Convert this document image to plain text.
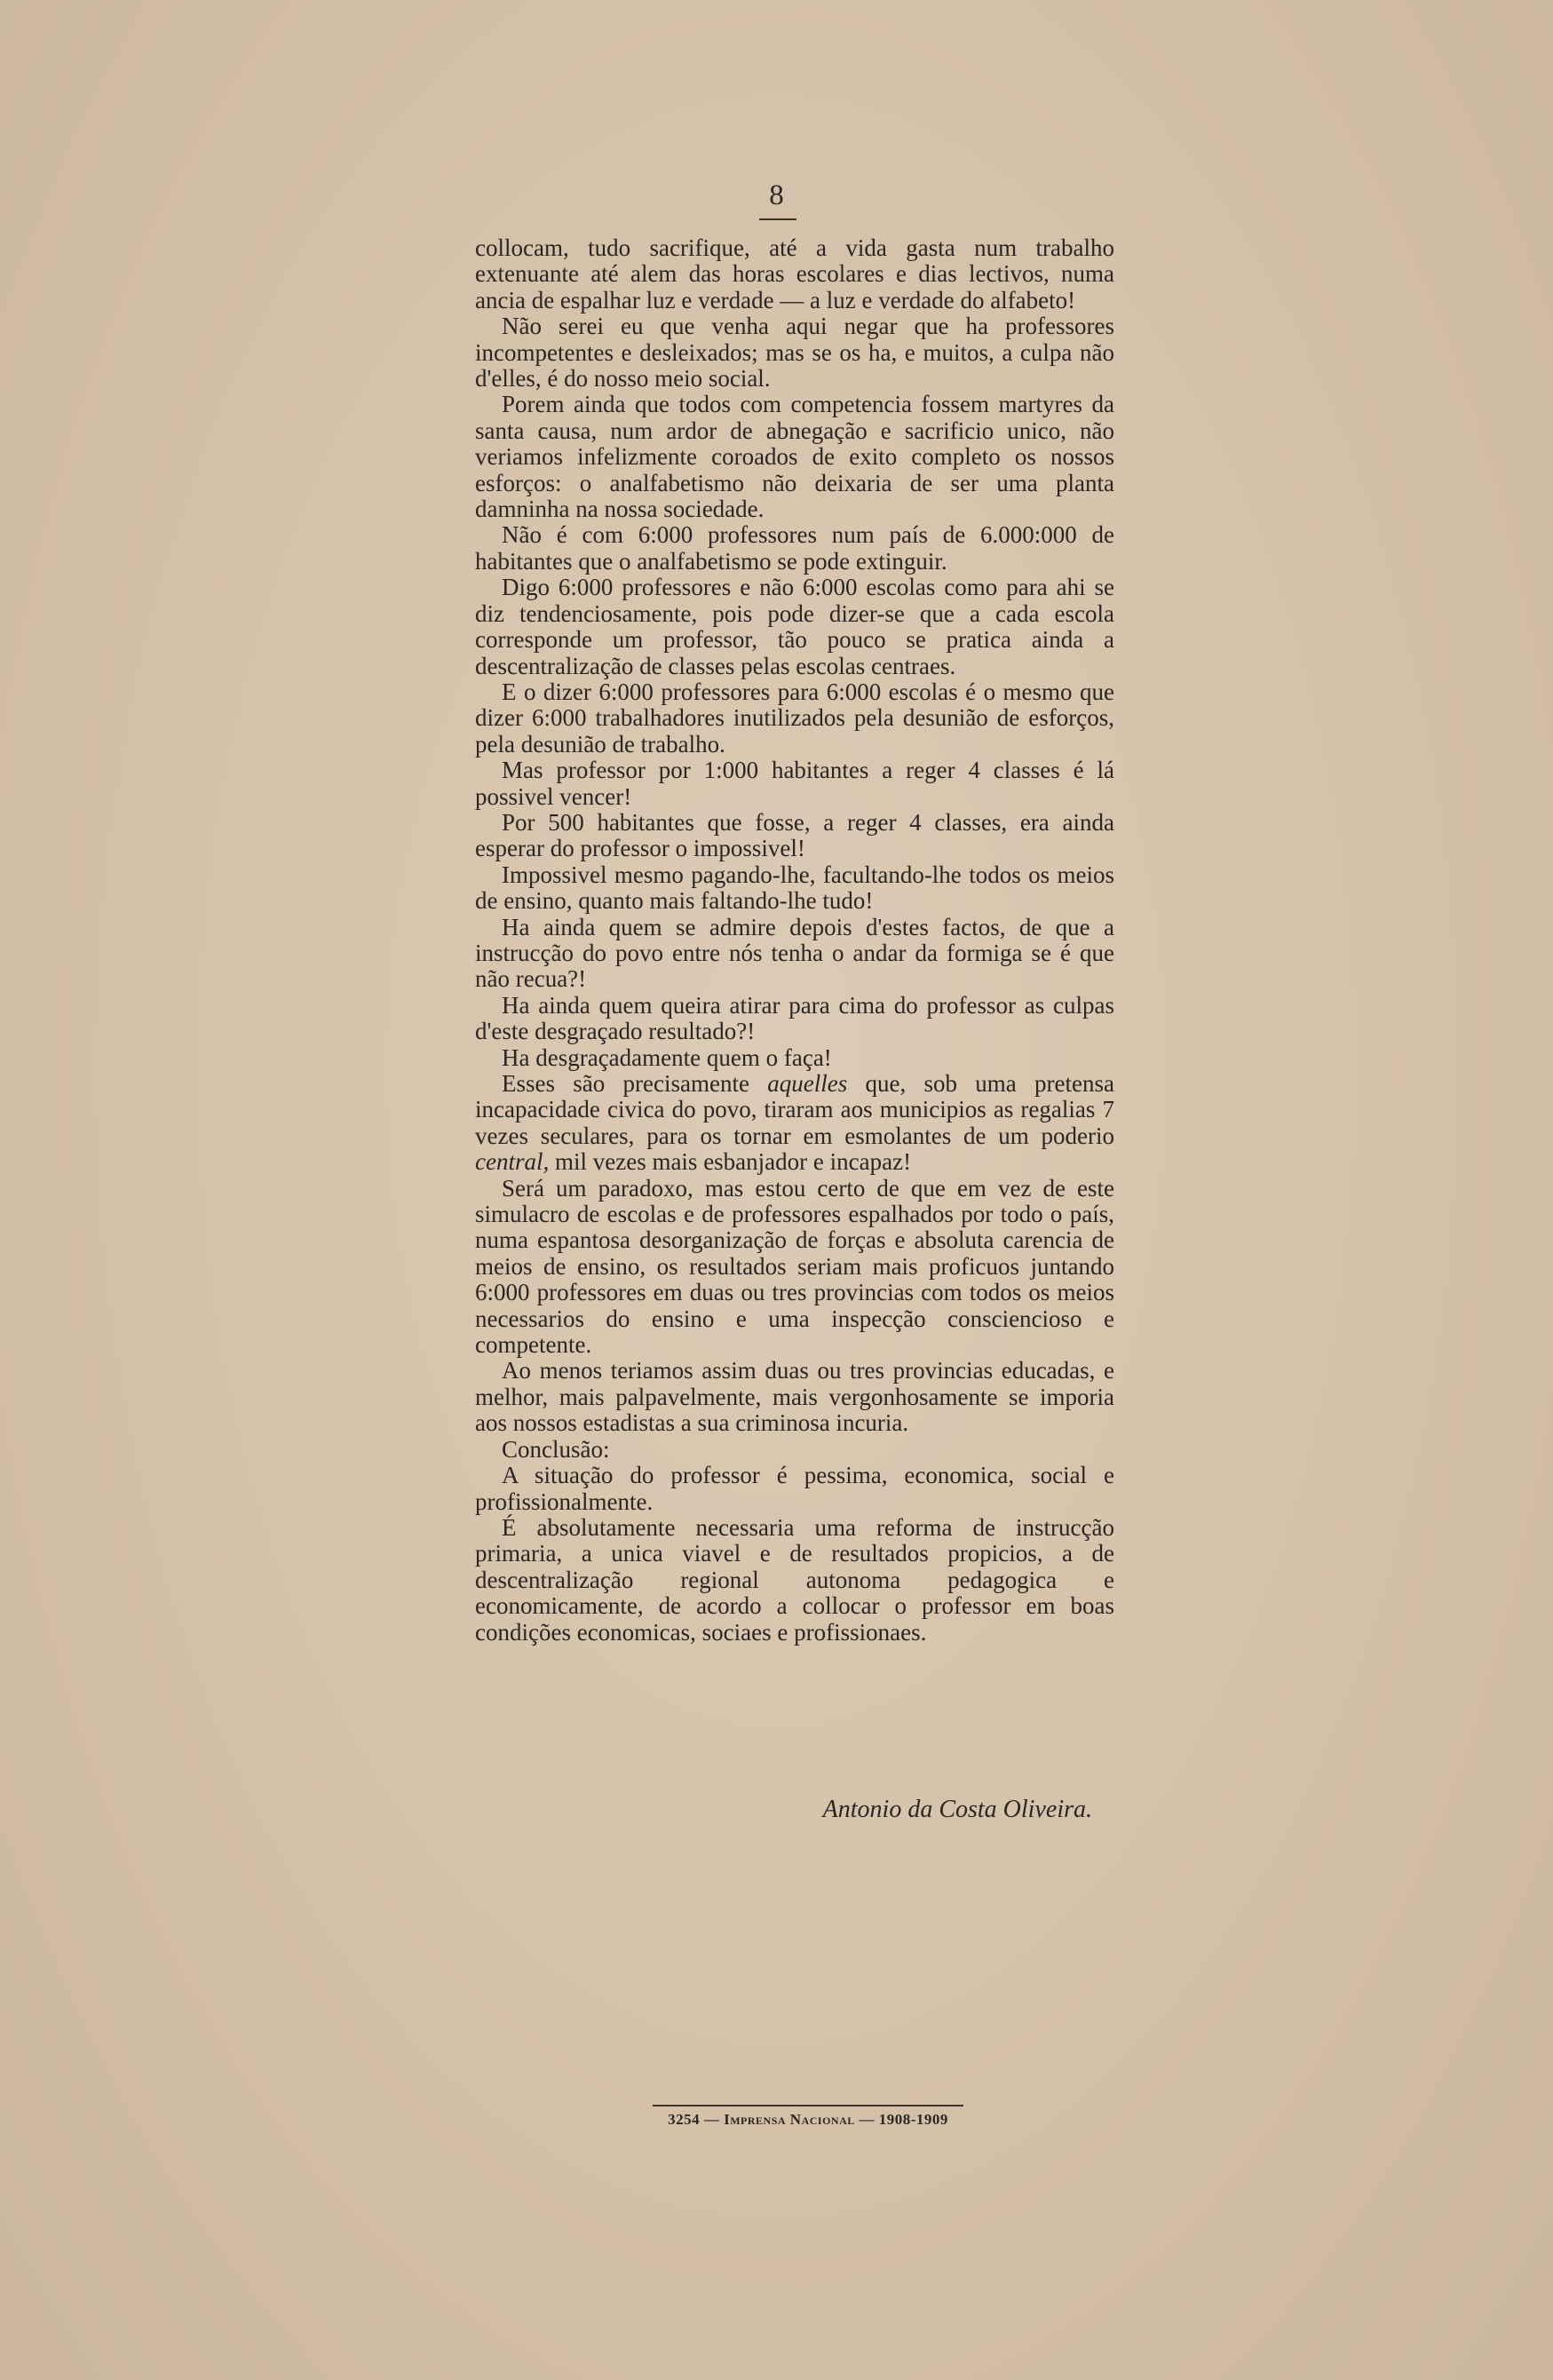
8

collocam, tudo sacrifique, até a vida gasta num trabalho extenuante até alem das horas escolares e dias lectivos, numa ancia de espalhar luz e verdade — a luz e verdade do alfabeto!

Não serei eu que venha aqui negar que ha professores incompetentes e desleixados; mas se os ha, e muitos, a culpa não d'elles, é do nosso meio social.

Porem ainda que todos com competencia fossem martyres da santa causa, num ardor de abnegação e sacrificio unico, não veriamos infelizmente coroados de exito completo os nossos esforços: o analfabetismo não deixaria de ser uma planta damninha na nossa sociedade.

Não é com 6:000 professores num país de 6.000:000 de habitantes que o analfabetismo se pode extinguir.

Digo 6:000 professores e não 6:000 escolas como para ahi se diz tendenciosamente, pois pode dizer-se que a cada escola corresponde um professor, tão pouco se pratica ainda a descentralização de classes pelas escolas centraes.

E o dizer 6:000 professores para 6:000 escolas é o mesmo que dizer 6:000 trabalhadores inutilizados pela desunião de esforços, pela desunião de trabalho.

Mas professor por 1:000 habitantes a reger 4 classes é lá possivel vencer!

Por 500 habitantes que fosse, a reger 4 classes, era ainda esperar do professor o impossivel!

Impossivel mesmo pagando-lhe, facultando-lhe todos os meios de ensino, quanto mais faltando-lhe tudo!

Ha ainda quem se admire depois d'estes factos, de que a instrucção do povo entre nós tenha o andar da formiga se é que não recua?!

Ha ainda quem queira atirar para cima do professor as culpas d'este desgraçado resultado?!

Ha desgraçadamente quem o faça!

Esses são precisamente aquelles que, sob uma pretensa incapacidade civica do povo, tiraram aos municipios as regalias 7 vezes seculares, para os tornar em esmolantes de um poderio central, mil vezes mais esbanjador e incapaz!

Será um paradoxo, mas estou certo de que em vez de este simulacro de escolas e de professores espalhados por todo o país, numa espantosa desorganização de forças e absoluta carencia de meios de ensino, os resultados seriam mais proficuos juntando 6:000 professores em duas ou tres provincias com todos os meios necessarios do ensino e uma inspecção consciencioso e competente.

Ao menos teriamos assim duas ou tres provincias educadas, e melhor, mais palpavelmente, mais vergonhosamente se imporia aos nossos estadistas a sua criminosa incuria.

Conclusão:

A situação do professor é pessima, economica, social e profissionalmente.

É absolutamente necessaria uma reforma de instrucção primaria, a unica viavel e de resultados propicios, a de descentralização regional autonoma pedagogica e economicamente, de acordo a collocar o professor em boas condições economicas, sociaes e profissionaes.

Antonio da Costa Oliveira.
3254 — Imprensa Nacional — 1908-1909
